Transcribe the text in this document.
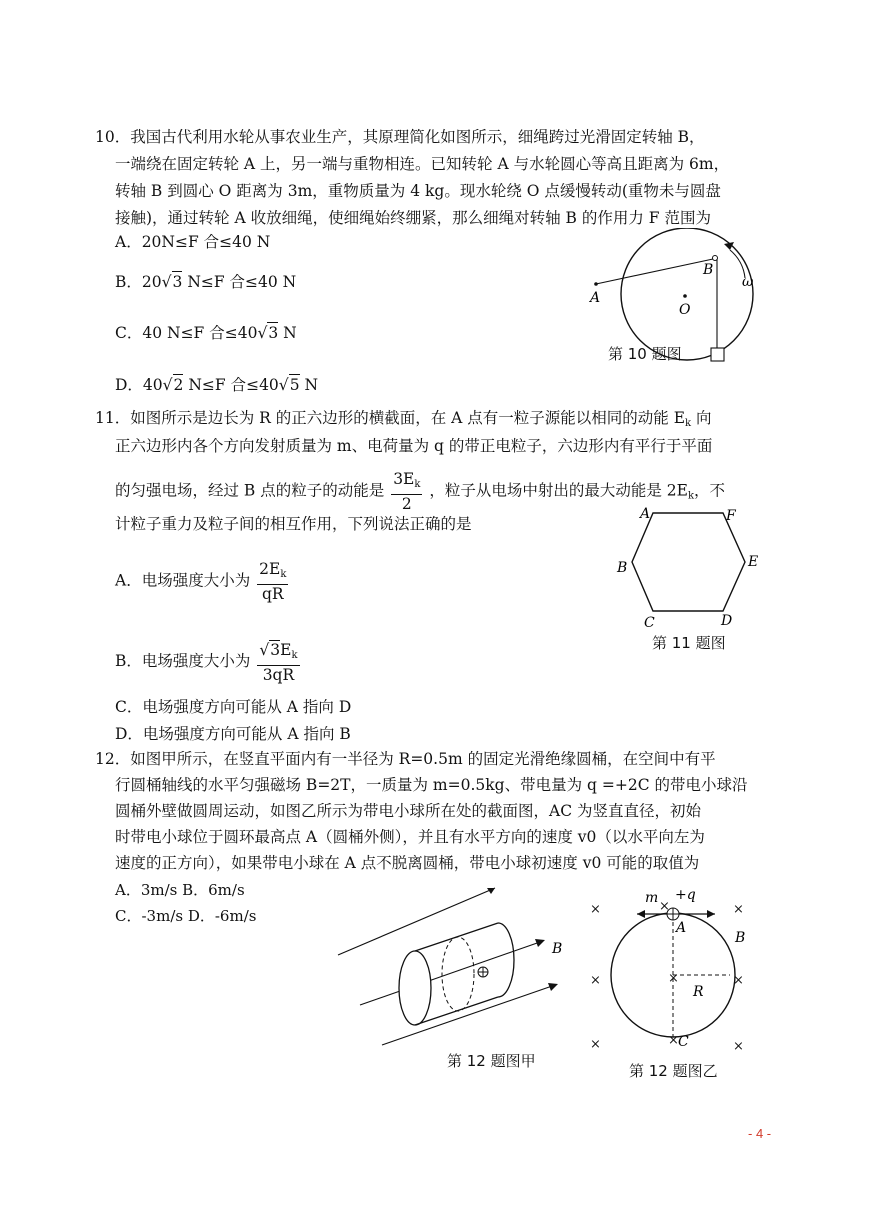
10．我国古代利用水轮从事农业生产，其原理简化如图所示，细绳跨过光滑固定转轴 B，
一端绕在固定转轮 A 上，另一端与重物相连。已知转轮 A 与水轮圆心等高且距离为 6m，
转轴 B 到圆心 O 距离为 3m，重物质量为 4 kg。现水轮绕 O 点缓慢转动(重物未与圆盘
接触)，通过转轮 A 收放细绳，使细绳始终绷紧，那么细绳对转轴 B 的作用力 F 范围为
A．20N≤F 合≤40 N
B．20√3 N≤F 合≤40 N
C．40 N≤F 合≤40√3 N
D．40√2 N≤F 合≤40√5 N
O
B
A
ω
第 10 题图
11．如图所示是边长为 R 的正六边形的横截面，在 A 点有一粒子源能以相同的动能 $E_k$ 向
正六边形内各个方向发射质量为 m、电荷量为 q 的带正电粒子，六边形内有平行于平面
的匀强电场，经过 B 点的粒子的动能是 $\frac{3E_k}{2}$ ，粒子从电场中射出的最大动能是 $2E_k$，不
计粒子重力及粒子间的相互作用，下列说法正确的是
A．电场强度大小为 $\frac{2E_k}{qR}$
B．电场强度大小为 $\frac{√3E_k}{3qR}$
C．电场强度方向可能从 A 指向 D
D．电场强度方向可能从 A 指向 B
A	F
B	E
C	D
第 11 题图
12．如图甲所示，在竖直平面内有一半径为 R=0.5m 的固定光滑绝缘圆桶，在空间中有平
行圆桶轴线的水平匀强磁场 B=2T，一质量为 m=0.5kg、带电量为 q =+2C 的带电小球沿
圆桶外壁做圆周运动，如图乙所示为带电小球所在处的截面图，AC 为竖直直径，初始
时带电小球位于圆环最高点 A（圆桶外侧），并且有水平方向的速度 v0（以水平向左为
速度的正方向），如果带电小球在 A 点不脱离圆桶，带电小球初速度 v0 可能的取值为
A．3m/s B．6m/s
C．-3m/s D．-6m/s
B
第 12 题图甲
m +q
A
B
R
C
×	×	×
×	×	×
×	×	×
第 12 题图乙
- 4 -
